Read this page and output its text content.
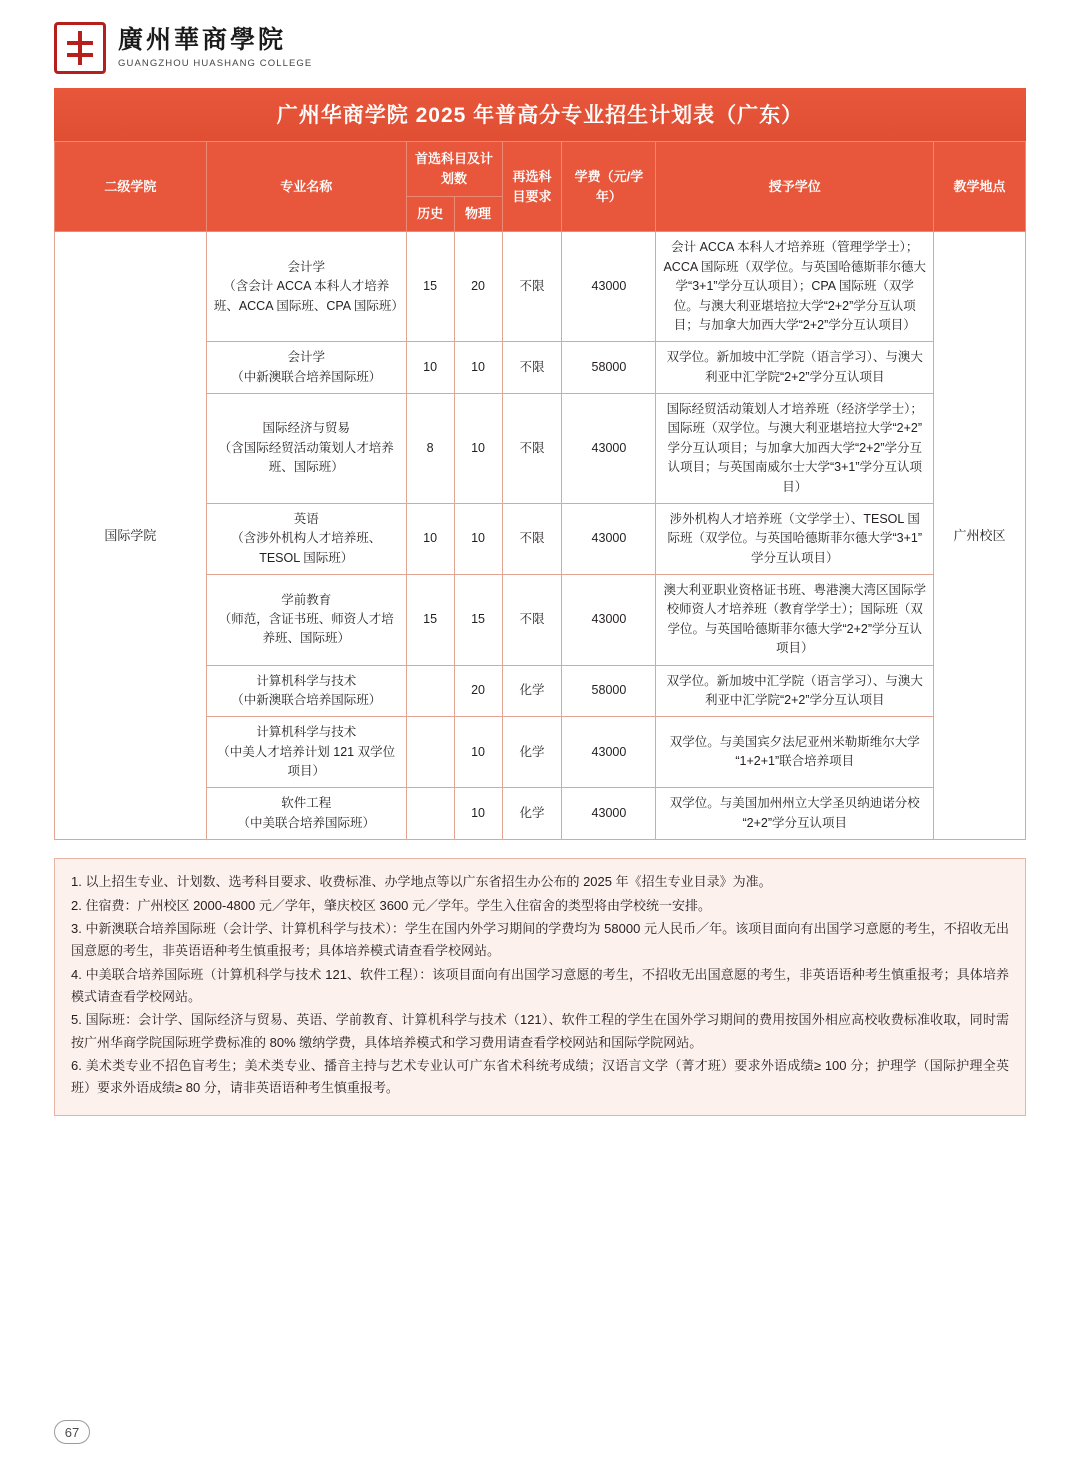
廣州華商學院
GUANGZHOU HUASHANG COLLEGE
广州华商学院 2025 年普高分专业招生计划表（广东）
二级学院	专业名称	首选科目及计划数		再选科目要求	学费（元/学年）	授予学位	教学地点
		历史	物理				
国际学院	会计学
（含会计 ACCA 本科人才培养班、ACCA 国际班、CPA 国际班）	15	20	不限	43000	会计 ACCA 本科人才培养班（管理学学士）；ACCA 国际班（双学位。与英国哈德斯菲尔德大学“3+1”学分互认项目）；CPA 国际班（双学位。与澳大利亚堪培拉大学“2+2”学分互认项目；与加拿大加西大学“2+2”学分互认项目）	广州校区

	会计学
（中新澳联合培养国际班）	10	10	不限	58000	双学位。新加坡中汇学院（语言学习）、与澳大利亚中汇学院“2+2”学分互认项目	

	国际经济与贸易
（含国际经贸活动策划人才培养班、国际班）	8	10	不限	43000	国际经贸活动策划人才培养班（经济学学士）；国际班（双学位。与澳大利亚堪培拉大学“2+2”学分互认项目；与加拿大加西大学“2+2”学分互认项目；与英国南威尔士大学“3+1”学分互认项目）	

	英语
（含涉外机构人才培养班、TESOL 国际班）	10	10	不限	43000	涉外机构人才培养班（文学学士）、TESOL 国际班（双学位。与英国哈德斯菲尔德大学“3+1”学分互认项目）	

	学前教育
（师范，含证书班、师资人才培养班、国际班）	15	15	不限	43000	澳大利亚职业资格证书班、粤港澳大湾区国际学校师资人才培养班（教育学学士）；国际班（双学位。与英国哈德斯菲尔德大学“2+2”学分互认项目）	

	计算机科学与技术
（中新澳联合培养国际班）		20	化学	58000	双学位。新加坡中汇学院（语言学习）、与澳大利亚中汇学院“2+2”学分互认项目	

	计算机科学与技术
（中美人才培养计划 121 双学位项目）		10	化学	43000	双学位。与美国宾夕法尼亚州米勒斯维尔大学“1+2+1”联合培养项目	

	软件工程
（中美联合培养国际班）		10	化学	43000	双学位。与美国加州州立大学圣贝纳迪诺分校“2+2”学分互认项目	

1. 以上招生专业、计划数、选考科目要求、收费标准、办学地点等以广东省招生办公布的 2025 年《招生专业目录》为准。

2. 住宿费：广州校区 2000-4800 元／学年，肇庆校区 3600 元／学年。学生入住宿舍的类型将由学校统一安排。

3. 中新澳联合培养国际班（会计学、计算机科学与技术）：学生在国内外学习期间的学费均为 58000 元人民币／年。该项目面向有出国学习意愿的考生，不招收无出国意愿的考生，非英语语种考生慎重报考；具体培养模式请查看学校网站。

4. 中美联合培养国际班（计算机科学与技术 121、软件工程）：该项目面向有出国学习意愿的考生，不招收无出国意愿的考生，非英语语种考生慎重报考；具体培养模式请查看学校网站。

5. 国际班：会计学、国际经济与贸易、英语、学前教育、计算机科学与技术（121）、软件工程的学生在国外学习期间的费用按国外相应高校收费标准收取，同时需按广州华商学院国际班学费标准的 80% 缴纳学费，具体培养模式和学习费用请查看学校网站和国际学院网站。

6. 美术类专业不招色盲考生；美术类专业、播音主持与艺术专业认可广东省术科统考成绩；汉语言文学（菁才班）要求外语成绩≥ 100 分；护理学（国际护理全英班）要求外语成绩≥ 80 分，请非英语语种考生慎重报考。

67
